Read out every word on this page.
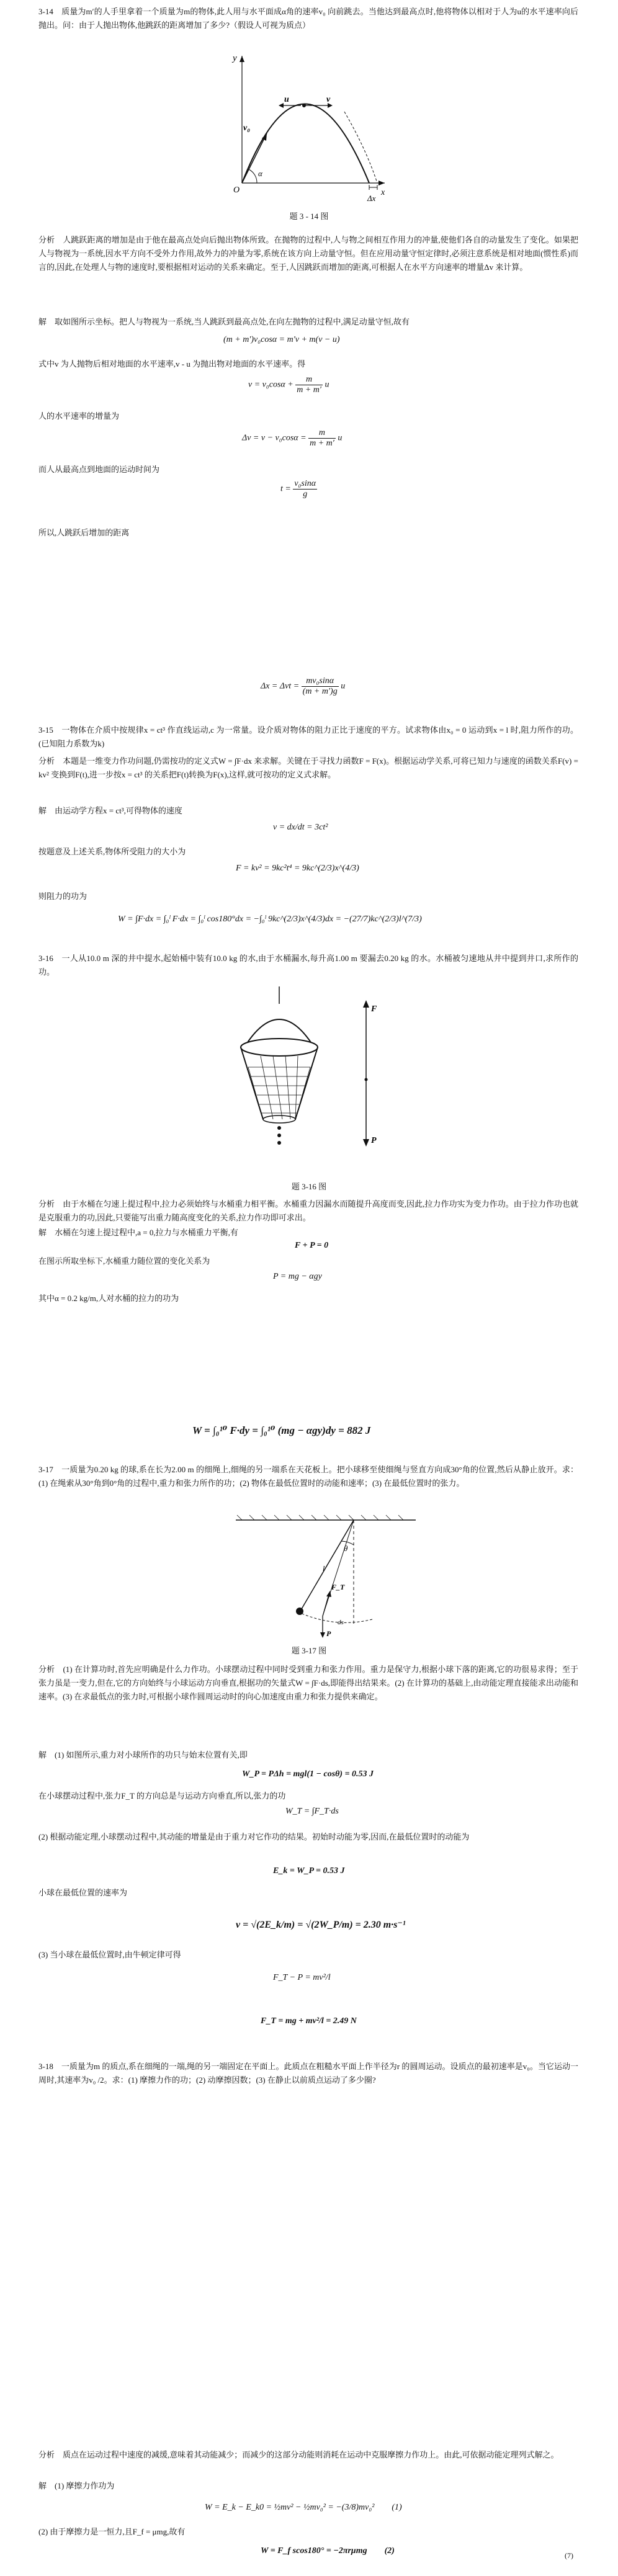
3-14　质量为m′的人手里拿着一个质量为m的物体,此人用与水平面成α角的速率v₀ 向前跳去。当他达到最高点时,他将物体以相对于人为u的水平速率向后抛出。问：由于人抛出物体,他跳跃的距离增加了多少?（假设人可视为质点）
y
v₀
u	v
α
O	x
Δx
题 3 - 14 图
分析　人跳跃距离的增加是由于他在最高点处向后抛出物体所致。在抛物的过程中,人与物之间相互作用力的冲量,使他们各自的动量发生了变化。如果把人与物视为一系统,因水平方向不受外力作用,故外力的冲量为零,系统在该方向上动量守恒。但在应用动量守恒定律时,必须注意系统是相对地面(惯性系)而言的,因此,在处理人与物的速度时,要根据相对运动的关系来确定。至于,人因跳跃而增加的距离,可根据人在水平方向速率的增量Δv 来计算。
解　取如图所示坐标。把人与物视为一系统,当人跳跃到最高点处,在向左抛物的过程中,满足动量守恒,故有
(m + m′)v₀cosα = m′v + m(v − u)
式中v 为人抛物后相对地面的水平速率,v - u 为抛出物对地面的水平速率。得
$v = v_0\cos\alpha + \frac{m}{m + m'}$ u
人的水平速率的增量为
$\Delta v = v - v_0\cos\alpha = \frac{m}{m + m'}$ u
而人从最高点到地面的运动时间为
$t = \frac{\text{v₀sinα}}{g}$
所以,人跳跃后增加的距离
$\Delta x = \Delta vt = \frac{\text{mv₀sinα}}{(m + m')g}$ u
3-15　一物体在介质中按规律x = ct³ 作直线运动,c 为一常量。设介质对物体的阻力正比于速度的平方。试求物体由x₀ = 0 运动到x = l 时,阻力所作的功。(已知阻力系数为k)
分析　本题是一维变力作功问题,仍需按功的定义式W = ∫F·dx 来求解。关键在于寻找力函数F = F(x)。根据运动学关系,可将已知力与速度的函数关系F(v) = kv² 变换到F(t),进一步按x = ct³ 的关系把F(t)转换为F(x),这样,就可按功的定义式求解。
解　由运动学方程x = ct³,可得物体的速度
v = dx/dt = 3ct²
按题意及上述关系,物体所受阻力的大小为
F = kv² = 9kc²t⁴ = 9kc^(2/3)x^(4/3)
则阻力的功为
W = ∫F·dx = ∫₀ˡ F·dx = ∫₀ˡ cos180°dx = −∫₀ˡ 9kc^(2/3)x^(4/3)dx = −(27/7)kc^(2/3)l^(7/3)
3-16　一人从10.0 m 深的井中提水,起始桶中装有10.0 kg 的水,由于水桶漏水,每升高1.00 m 要漏去0.20 kg 的水。水桶被匀速地从井中提到井口,求所作的功。
F
P
题 3-16 图
分析　由于水桶在匀速上提过程中,拉力必须始终与水桶重力相平衡。水桶重力因漏水而随提升高度而变,因此,拉力作功实为变力作功。由于拉力作功也就是克服重力的功,因此,只要能写出重力随高度变化的关系,拉力作功即可求出。
解　水桶在匀速上提过程中,a = 0,拉力与水桶重力平衡,有
F + P = 0
在图示所取坐标下,水桶重力随位置的变化关系为
P = mg − αgy
其中α = 0.2 kg/m,人对水桶的拉力的功为
W = ∫₀¹⁰ F·dy = ∫₀¹⁰ (mg − αgy)dy = 882 J
3-17　一质量为0.20 kg 的球,系在长为2.00 m 的细绳上,细绳的另一端系在天花板上。把小球移至使细绳与竖直方向成30°角的位置,然后从静止放开。求：(1) 在绳索从30°角到0°角的过程中,重力和张力所作的功；(2) 物体在最低位置时的动能和速率；(3) 在最低位置时的张力。
θ
F_T
P
ds
l
题 3-17 图
分析　(1) 在计算功时,首先应明确是什么力作功。小球摆动过程中同时受到重力和张力作用。重力是保守力,根据小球下落的距离,它的功很易求得；至于张力虽是一变力,但在,它的方向始终与小球运动方向垂直,根据功的矢量式W = ∫F·ds,即能得出结果来。(2) 在计算功的基础上,由动能定理直接能求出动能和速率。(3) 在求最低点的张力时,可根据小球作圆周运动时的向心加速度由重力和张力提供来确定。
解　(1) 如图所示,重力对小球所作的功只与始末位置有关,即
W_P = PΔh = mgl(1 − cosθ) = 0.53 J
在小球摆动过程中,张力F_T 的方向总是与运动方向垂直,所以,张力的功
W_T = ∫F_T·ds
(2) 根据动能定理,小球摆动过程中,其动能的增量是由于重力对它作功的结果。初始时动能为零,因而,在最低位置时的动能为
E_k = W_P = 0.53 J
小球在最低位置的速率为
v = √(2E_k/m) = √(2W_P/m) = 2.30 m·s⁻¹
(3) 当小球在最低位置时,由牛顿定律可得
F_T − P = mv²/l
F_T = mg + mv²/l = 2.49 N
3-18　一质量为m 的质点,系在细绳的一端,绳的另一端固定在平面上。此质点在粗糙水平面上作半径为r 的圆周运动。设质点的最初速率是v₀。当它运动一周时,其速率为v₀ /2。求：(1) 摩擦力作的功；(2) 动摩擦因数；(3) 在静止以前质点运动了多少圈?
分析　质点在运动过程中速度的减缓,意味着其动能减少；而减少的这部分动能则消耗在运动中克服摩擦力作功上。由此,可依据动能定理列式解之。
解　(1) 摩擦力作功为
W = E_k − E_k0 = ½mv² − ½mv₀² = −(3/8)mv₀²　　(1)
(2) 由于摩擦力是一恒力,且F_f = μmg,故有
W = F_f scos180° = −2πrμmg　　(2)	(7)
